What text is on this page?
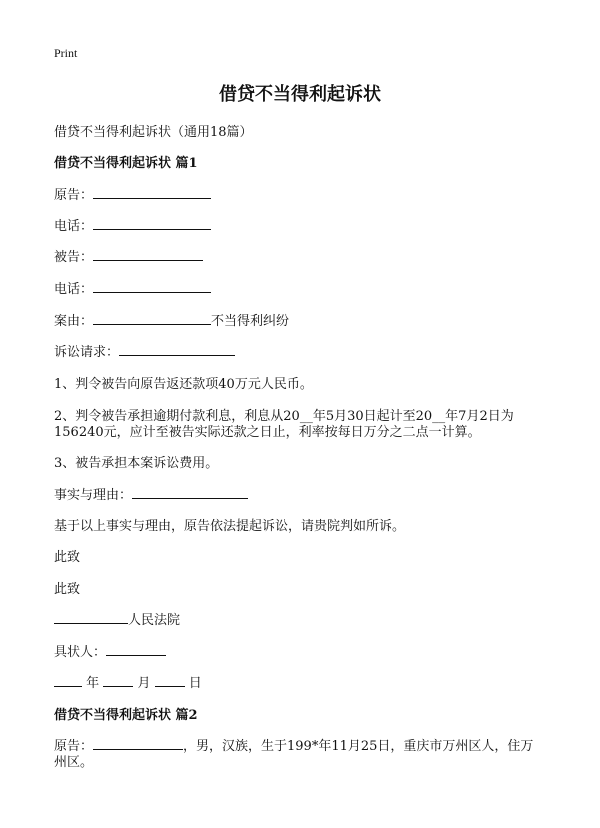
Print
借贷不当得利起诉状
借贷不当得利起诉状（通用18篇）
借贷不当得利起诉状 篇1
原告：
电话：
被告：
电话：
案由：	不当得利纠纷
诉讼请求：
1、判令被告向原告返还款项40万元人民币。
2、判令被告承担逾期付款利息，利息从20__年5月30日起计至20__年7月2日为
156240元，应计至被告实际还款之日止，利率按每日万分之二点一计算。
3、被告承担本案诉讼费用。
事实与理由：
基于以上事实与理由，原告依法提起诉讼，请贵院判如所诉。
此致
此致
人民法院
具状人：
年	月	日
借贷不当得利起诉状 篇2
原告：	，男，汉族，生于199*年11月25日，重庆市万州区人，住万
州区。
